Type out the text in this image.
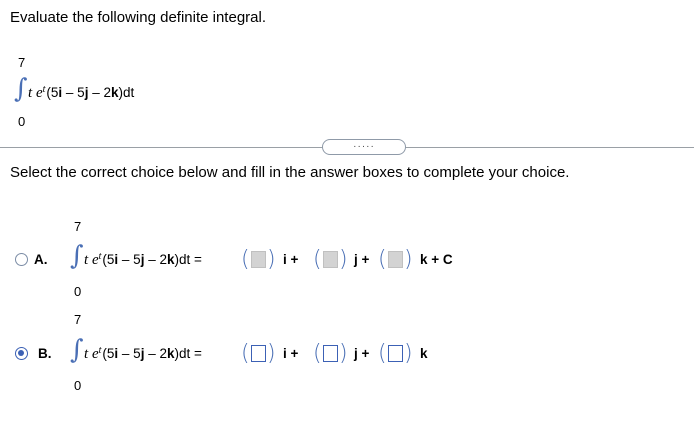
Evaluate the following definite integral.
7
∫ t $e^t(5i - 5j - 2k)dt$
0
·····
Select the correct choice below and fill in the answer boxes to complete your choice.
A.
7
∫ t $e^t(5i - 5j - 2k)dt$ =
0
( ) i + ( ) j + ( ) k + C
B.
7
∫ t $e^t(5i - 5j - 2k)dt$ =
0
( ) i + ( ) j + ( ) k
